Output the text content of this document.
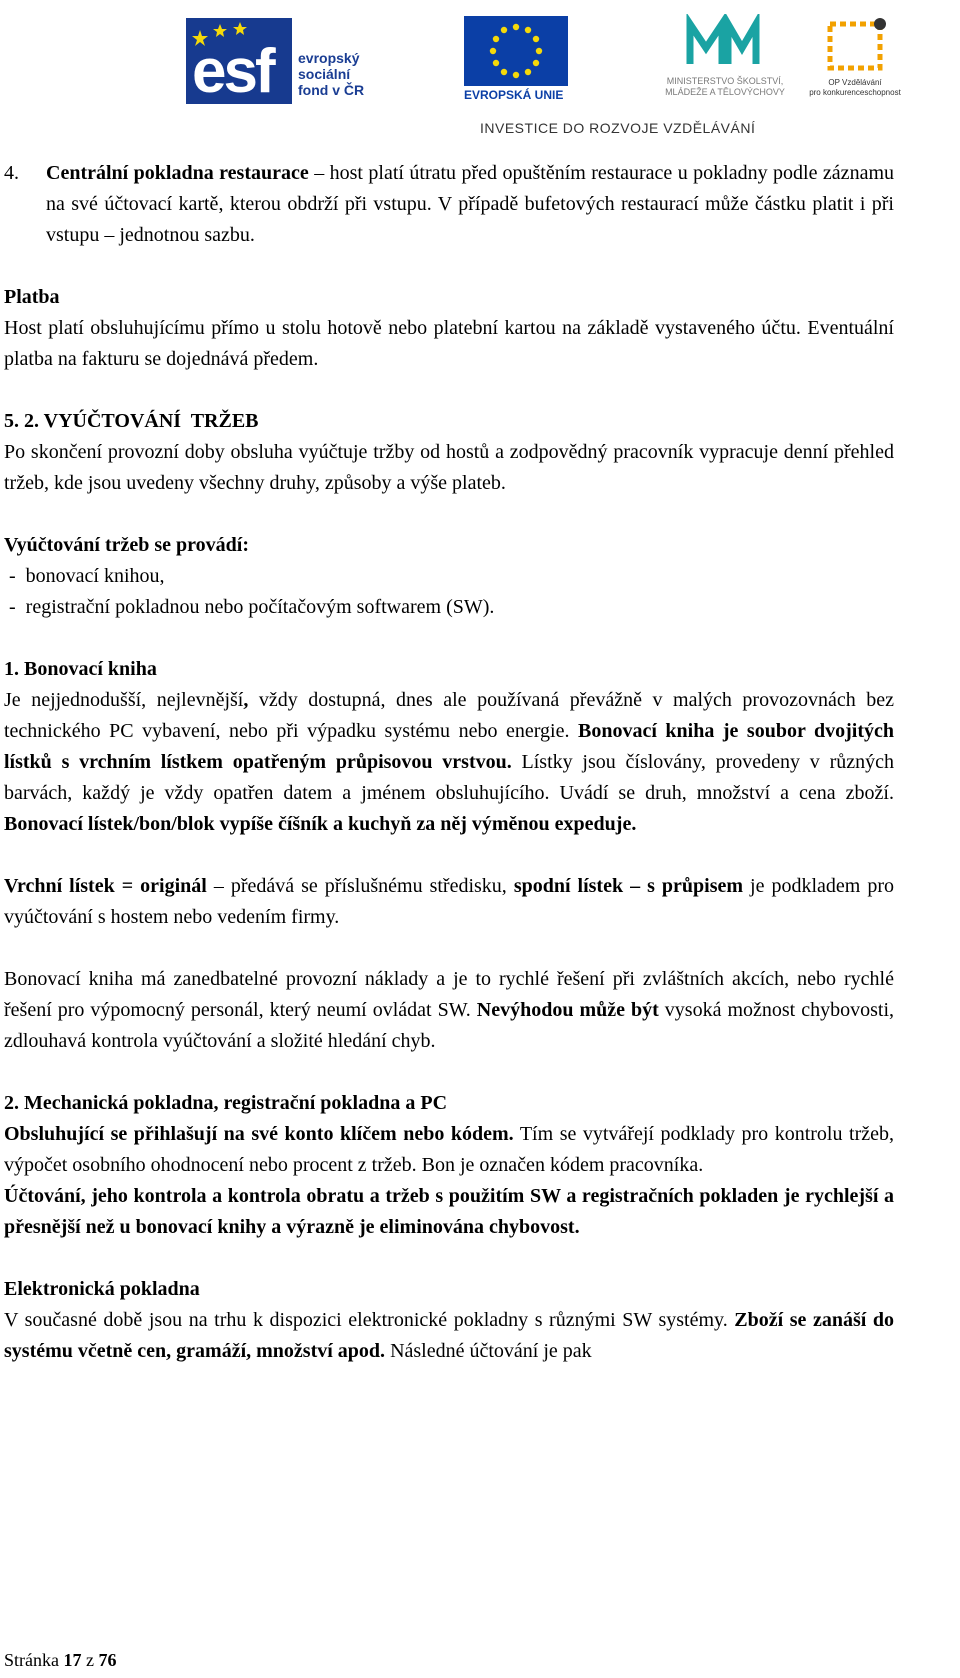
esf evropský
sociální
fond v ČR	EVROPSKÁ UNIE
MINISTERSTVO ŠKOLSTVÍ,
MLÁDEŽE A TĚLOVÝCHOVY
OP Vzdělávání
pro konkurenceschopnost
INVESTICE DO ROZVOJE VZDĚLÁVÁNÍ

4. Centrální pokladna restaurace – host platí útratu před opuštěním restaurace u pokladny podle záznamu na své účtovací kartě, kterou obdrží při vstupu. V případě bufetových restaurací může částku platit i při vstupu – jednotnou sazbu.

Platba

Host platí obsluhujícímu přímo u stolu hotově nebo platební kartou na základě vystaveného účtu. Eventuální platba na fakturu se dojednává předem.

5. 2. VYÚČTOVÁNÍ  TRŽEB

Po skončení provozní doby obsluha vyúčtuje tržby od hostů a zodpovědný pracovník vypracuje denní přehled tržeb, kde jsou uvedeny všechny druhy, způsoby a výše plateb.

Vyúčtování tržeb se provádí:

-  bonovací knihou,

-  registrační pokladnou nebo počítačovým softwarem (SW).

1. Bonovací kniha

Je nejjednodušší, nejlevnější, vždy dostupná, dnes ale používaná převážně v malých provozovnách bez technického PC vybavení, nebo při výpadku systému nebo energie. Bonovací kniha je soubor dvojitých lístků s vrchním lístkem opatřeným průpisovou vrstvou. Lístky jsou číslovány, provedeny v různých barvách, každý je vždy opatřen datem a jménem obsluhujícího. Uvádí se druh, množství a cena zboží. Bonovací lístek/bon/blok vypíše číšník a kuchyň za něj výměnou expeduje.

Vrchní lístek = originál – předává se příslušnému středisku, spodní lístek – s průpisem je podkladem pro vyúčtování s hostem nebo vedením firmy.

Bonovací kniha má zanedbatelné provozní náklady a je to rychlé řešení při zvláštních akcích, nebo rychlé řešení pro výpomocný personál, který neumí ovládat SW. Nevýhodou může být vysoká možnost chybovosti, zdlouhavá kontrola vyúčtování a složité hledání chyb.

2. Mechanická pokladna, registrační pokladna a PC

Obsluhující se přihlašují na své konto klíčem nebo kódem. Tím se vytvářejí podklady pro kontrolu tržeb, výpočet osobního ohodnocení nebo procent z tržeb. Bon je označen kódem pracovníka.

Účtování, jeho kontrola a kontrola obratu a tržeb s použitím SW a registračních pokladen je rychlejší a přesnější než u bonovací knihy a výrazně je eliminována chybovost.

Elektronická pokladna

V současné době jsou na trhu k dispozici elektronické pokladny s různými SW systémy. Zboží se zanáší do systému včetně cen, gramáží, množství apod. Následné účtování je pak

Stránka 17 z 76
